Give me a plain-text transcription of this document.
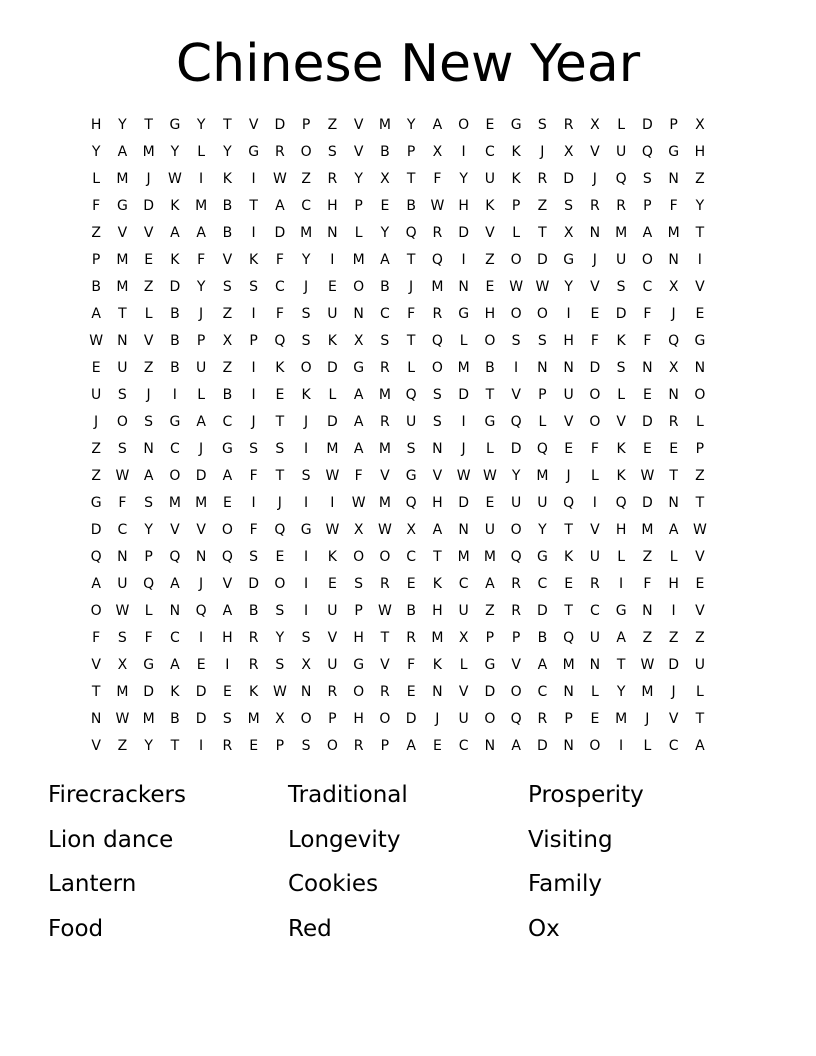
Chinese New Year
H	Y	T	G	Y	T	V	D	P	Z	V	M	Y	A	O	E	G	S	R	X	L	D	P	X
Y	A	M	Y	L	Y	G	R	O	S	V	B	P	X	I	C	K	J	X	V	U	Q	G	H
L	M	J	W	I	K	I	W	Z	R	Y	X	T	F	Y	U	K	R	D	J	Q	S	N	Z
F	G	D	K	M	B	T	A	C	H	P	E	B	W	H	K	P	Z	S	R	R	P	F	Y
Z	V	V	A	A	B	I	D	M	N	L	Y	Q	R	D	V	L	T	X	N	M	A	M	T
P	M	E	K	F	V	K	F	Y	I	M	A	T	Q	I	Z	O	D	G	J	U	O	N	I
B	M	Z	D	Y	S	S	C	J	E	O	B	J	M	N	E	W W	Y	V	S	C	X	V
A	T	L	B	J	Z	I	F	S	U	N	C	F	R	G	H	O	O	I	E	D	F	J	E
W	N	V	B	P	X	P	Q	S	K	X	S	T	Q	L	O	S	S	H	F	K	F	Q	G
E	U	Z	B	U	Z	I	K	O	D	G	R	L	O	M	B	I	N	N	D	S	N	X	N
U	S	J	I	L	B	I	E	K	L	A	M	Q	S	D	T	V	P	U	O	L	E	N	O
J	O	S	G	A	C	J	T	J	D	A	R	U	S	I	G	Q	L	V	O	V	D	R	L
Z	S	N	C	J	G	S	S	I	M	A	M	S	N	J	L	D	Q	E	F	K	E	E	P
Z	W	A	O	D	A	F	T	S	W	F	V	G	V	W W	Y	M	J	L	K	W	T	Z
G	F	S	M	M	E	I	J	I	I	W M	Q	H	D	E	U	U	Q	I	Q	D	N	T
D	C	Y	V	V	O	F	Q	G W	X	W	X	A	N	U	O	Y	T	V	H	M	A	W
Q	N	P	Q	N	Q	S	E	I	K	O	O	C	T	M	M	Q	G	K	U	L	Z	L	V
A	U	Q	A	J	V	D	O	I	E	S	R	E	K	C	A	R	C	E	R	I	F	H	E
O W	L	N	Q	A	B	S	I	U	P	W	B	H	U	Z	R	D	T	C	G	N	I	V
F	S	F	C	I	H	R	Y	S	V	H	T	R	M	X	P	P	B	Q	U	A	Z	Z	Z
V	X	G	A	E	I	R	S	X	U	G	V	F	K	L	G	V	A	M	N	T	W D	U
T	M	D	K	D	E	K	W	N	R	O	R	E	N	V	D	O	C	N	L	Y	M	J	L
N	W M	B	D	S	M	X	O	P	H	O	D	J	U	O	Q	R	P	E	M	J	V	T
V	Z	Y	T	I	R	E	P	S	O	R	P	A	E	C	N	A	D	N	O	I	L	C	A
Firecrackers	Traditional	Prosperity
Lion dance	Longevity	Visiting
Lantern	Cookies	Family
Food	Red	Ox
